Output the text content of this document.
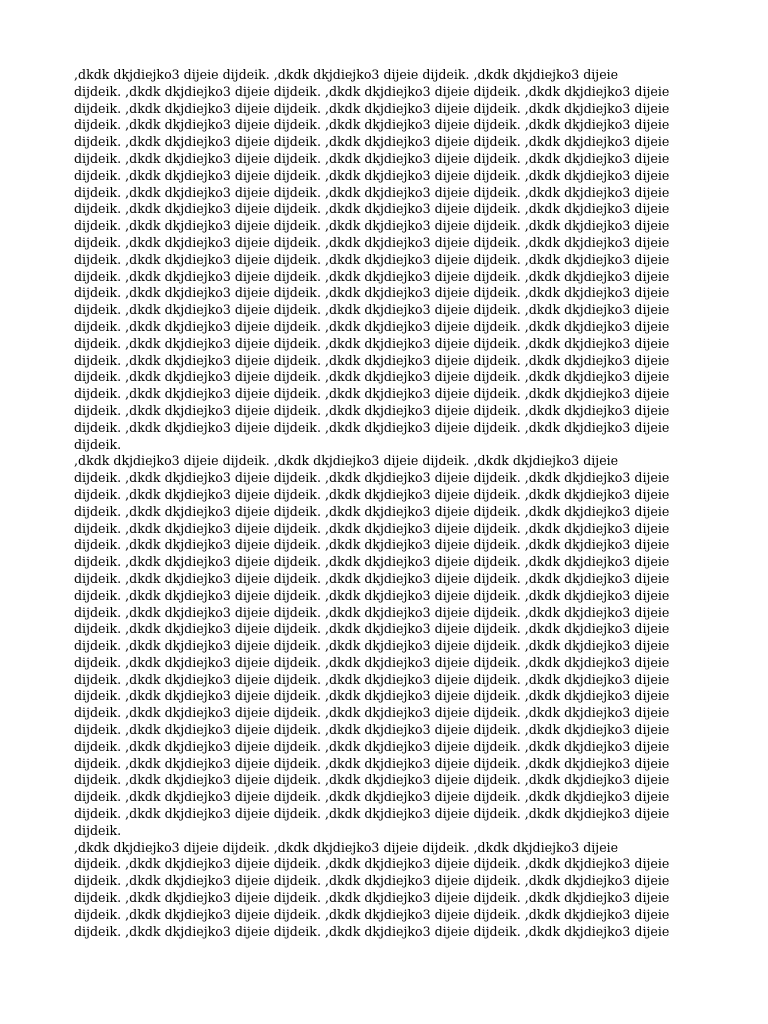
,dkdk dkjdiejko3 dijeie dijdeik. ,dkdk dkjdiejko3 dijeie dijdeik. ,dkdk dkjdiejko3 dijeie
dijdeik. ,dkdk dkjdiejko3 dijeie dijdeik. ,dkdk dkjdiejko3 dijeie dijdeik. ,dkdk dkjdiejko3 dijeie
dijdeik. ,dkdk dkjdiejko3 dijeie dijdeik. ,dkdk dkjdiejko3 dijeie dijdeik. ,dkdk dkjdiejko3 dijeie
dijdeik. ,dkdk dkjdiejko3 dijeie dijdeik. ,dkdk dkjdiejko3 dijeie dijdeik. ,dkdk dkjdiejko3 dijeie
dijdeik. ,dkdk dkjdiejko3 dijeie dijdeik. ,dkdk dkjdiejko3 dijeie dijdeik. ,dkdk dkjdiejko3 dijeie
dijdeik. ,dkdk dkjdiejko3 dijeie dijdeik. ,dkdk dkjdiejko3 dijeie dijdeik. ,dkdk dkjdiejko3 dijeie
dijdeik. ,dkdk dkjdiejko3 dijeie dijdeik. ,dkdk dkjdiejko3 dijeie dijdeik. ,dkdk dkjdiejko3 dijeie
dijdeik. ,dkdk dkjdiejko3 dijeie dijdeik. ,dkdk dkjdiejko3 dijeie dijdeik. ,dkdk dkjdiejko3 dijeie
dijdeik. ,dkdk dkjdiejko3 dijeie dijdeik. ,dkdk dkjdiejko3 dijeie dijdeik. ,dkdk dkjdiejko3 dijeie
dijdeik. ,dkdk dkjdiejko3 dijeie dijdeik. ,dkdk dkjdiejko3 dijeie dijdeik. ,dkdk dkjdiejko3 dijeie
dijdeik. ,dkdk dkjdiejko3 dijeie dijdeik. ,dkdk dkjdiejko3 dijeie dijdeik. ,dkdk dkjdiejko3 dijeie
dijdeik. ,dkdk dkjdiejko3 dijeie dijdeik. ,dkdk dkjdiejko3 dijeie dijdeik. ,dkdk dkjdiejko3 dijeie
dijdeik. ,dkdk dkjdiejko3 dijeie dijdeik. ,dkdk dkjdiejko3 dijeie dijdeik. ,dkdk dkjdiejko3 dijeie
dijdeik. ,dkdk dkjdiejko3 dijeie dijdeik. ,dkdk dkjdiejko3 dijeie dijdeik. ,dkdk dkjdiejko3 dijeie
dijdeik. ,dkdk dkjdiejko3 dijeie dijdeik. ,dkdk dkjdiejko3 dijeie dijdeik. ,dkdk dkjdiejko3 dijeie
dijdeik. ,dkdk dkjdiejko3 dijeie dijdeik. ,dkdk dkjdiejko3 dijeie dijdeik. ,dkdk dkjdiejko3 dijeie
dijdeik. ,dkdk dkjdiejko3 dijeie dijdeik. ,dkdk dkjdiejko3 dijeie dijdeik. ,dkdk dkjdiejko3 dijeie
dijdeik. ,dkdk dkjdiejko3 dijeie dijdeik. ,dkdk dkjdiejko3 dijeie dijdeik. ,dkdk dkjdiejko3 dijeie
dijdeik. ,dkdk dkjdiejko3 dijeie dijdeik. ,dkdk dkjdiejko3 dijeie dijdeik. ,dkdk dkjdiejko3 dijeie
dijdeik. ,dkdk dkjdiejko3 dijeie dijdeik. ,dkdk dkjdiejko3 dijeie dijdeik. ,dkdk dkjdiejko3 dijeie
dijdeik. ,dkdk dkjdiejko3 dijeie dijdeik. ,dkdk dkjdiejko3 dijeie dijdeik. ,dkdk dkjdiejko3 dijeie
dijdeik. ,dkdk dkjdiejko3 dijeie dijdeik. ,dkdk dkjdiejko3 dijeie dijdeik. ,dkdk dkjdiejko3 dijeie
dijdeik.
,dkdk dkjdiejko3 dijeie dijdeik. ,dkdk dkjdiejko3 dijeie dijdeik. ,dkdk dkjdiejko3 dijeie
dijdeik. ,dkdk dkjdiejko3 dijeie dijdeik. ,dkdk dkjdiejko3 dijeie dijdeik. ,dkdk dkjdiejko3 dijeie
dijdeik. ,dkdk dkjdiejko3 dijeie dijdeik. ,dkdk dkjdiejko3 dijeie dijdeik. ,dkdk dkjdiejko3 dijeie
dijdeik. ,dkdk dkjdiejko3 dijeie dijdeik. ,dkdk dkjdiejko3 dijeie dijdeik. ,dkdk dkjdiejko3 dijeie
dijdeik. ,dkdk dkjdiejko3 dijeie dijdeik. ,dkdk dkjdiejko3 dijeie dijdeik. ,dkdk dkjdiejko3 dijeie
dijdeik. ,dkdk dkjdiejko3 dijeie dijdeik. ,dkdk dkjdiejko3 dijeie dijdeik. ,dkdk dkjdiejko3 dijeie
dijdeik. ,dkdk dkjdiejko3 dijeie dijdeik. ,dkdk dkjdiejko3 dijeie dijdeik. ,dkdk dkjdiejko3 dijeie
dijdeik. ,dkdk dkjdiejko3 dijeie dijdeik. ,dkdk dkjdiejko3 dijeie dijdeik. ,dkdk dkjdiejko3 dijeie
dijdeik. ,dkdk dkjdiejko3 dijeie dijdeik. ,dkdk dkjdiejko3 dijeie dijdeik. ,dkdk dkjdiejko3 dijeie
dijdeik. ,dkdk dkjdiejko3 dijeie dijdeik. ,dkdk dkjdiejko3 dijeie dijdeik. ,dkdk dkjdiejko3 dijeie
dijdeik. ,dkdk dkjdiejko3 dijeie dijdeik. ,dkdk dkjdiejko3 dijeie dijdeik. ,dkdk dkjdiejko3 dijeie
dijdeik. ,dkdk dkjdiejko3 dijeie dijdeik. ,dkdk dkjdiejko3 dijeie dijdeik. ,dkdk dkjdiejko3 dijeie
dijdeik. ,dkdk dkjdiejko3 dijeie dijdeik. ,dkdk dkjdiejko3 dijeie dijdeik. ,dkdk dkjdiejko3 dijeie
dijdeik. ,dkdk dkjdiejko3 dijeie dijdeik. ,dkdk dkjdiejko3 dijeie dijdeik. ,dkdk dkjdiejko3 dijeie
dijdeik. ,dkdk dkjdiejko3 dijeie dijdeik. ,dkdk dkjdiejko3 dijeie dijdeik. ,dkdk dkjdiejko3 dijeie
dijdeik. ,dkdk dkjdiejko3 dijeie dijdeik. ,dkdk dkjdiejko3 dijeie dijdeik. ,dkdk dkjdiejko3 dijeie
dijdeik. ,dkdk dkjdiejko3 dijeie dijdeik. ,dkdk dkjdiejko3 dijeie dijdeik. ,dkdk dkjdiejko3 dijeie
dijdeik. ,dkdk dkjdiejko3 dijeie dijdeik. ,dkdk dkjdiejko3 dijeie dijdeik. ,dkdk dkjdiejko3 dijeie
dijdeik. ,dkdk dkjdiejko3 dijeie dijdeik. ,dkdk dkjdiejko3 dijeie dijdeik. ,dkdk dkjdiejko3 dijeie
dijdeik. ,dkdk dkjdiejko3 dijeie dijdeik. ,dkdk dkjdiejko3 dijeie dijdeik. ,dkdk dkjdiejko3 dijeie
dijdeik. ,dkdk dkjdiejko3 dijeie dijdeik. ,dkdk dkjdiejko3 dijeie dijdeik. ,dkdk dkjdiejko3 dijeie
dijdeik. ,dkdk dkjdiejko3 dijeie dijdeik. ,dkdk dkjdiejko3 dijeie dijdeik. ,dkdk dkjdiejko3 dijeie
dijdeik.
,dkdk dkjdiejko3 dijeie dijdeik. ,dkdk dkjdiejko3 dijeie dijdeik. ,dkdk dkjdiejko3 dijeie
dijdeik. ,dkdk dkjdiejko3 dijeie dijdeik. ,dkdk dkjdiejko3 dijeie dijdeik. ,dkdk dkjdiejko3 dijeie
dijdeik. ,dkdk dkjdiejko3 dijeie dijdeik. ,dkdk dkjdiejko3 dijeie dijdeik. ,dkdk dkjdiejko3 dijeie
dijdeik. ,dkdk dkjdiejko3 dijeie dijdeik. ,dkdk dkjdiejko3 dijeie dijdeik. ,dkdk dkjdiejko3 dijeie
dijdeik. ,dkdk dkjdiejko3 dijeie dijdeik. ,dkdk dkjdiejko3 dijeie dijdeik. ,dkdk dkjdiejko3 dijeie
dijdeik. ,dkdk dkjdiejko3 dijeie dijdeik. ,dkdk dkjdiejko3 dijeie dijdeik. ,dkdk dkjdiejko3 dijeie
